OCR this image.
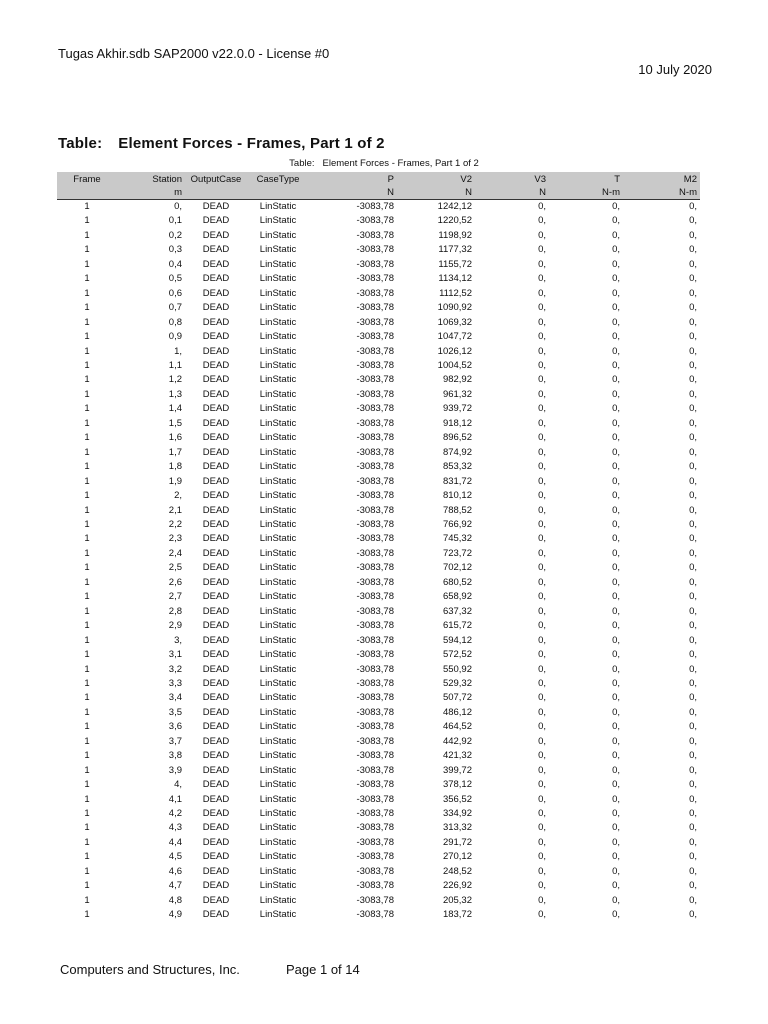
Tugas Akhir.sdb SAP2000 v22.0.0 - License #0
10 July 2020
Table: Element Forces - Frames, Part 1 of 2
Table: Element Forces - Frames, Part 1 of 2
Frame	Station	OutputCase	CaseType	P	V2	V3	T	M2
	m			N	N	N	N-m	N-m
1	0,	DEAD	LinStatic	-3083,78	1242,12	0,	0,	0,
1	0,1	DEAD	LinStatic	-3083,78	1220,52	0,	0,	0,
1	0,2	DEAD	LinStatic	-3083,78	1198,92	0,	0,	0,
1	0,3	DEAD	LinStatic	-3083,78	1177,32	0,	0,	0,
1	0,4	DEAD	LinStatic	-3083,78	1155,72	0,	0,	0,
1	0,5	DEAD	LinStatic	-3083,78	1134,12	0,	0,	0,
1	0,6	DEAD	LinStatic	-3083,78	1112,52	0,	0,	0,
1	0,7	DEAD	LinStatic	-3083,78	1090,92	0,	0,	0,
1	0,8	DEAD	LinStatic	-3083,78	1069,32	0,	0,	0,
1	0,9	DEAD	LinStatic	-3083,78	1047,72	0,	0,	0,
1	1,	DEAD	LinStatic	-3083,78	1026,12	0,	0,	0,
1	1,1	DEAD	LinStatic	-3083,78	1004,52	0,	0,	0,
1	1,2	DEAD	LinStatic	-3083,78	982,92	0,	0,	0,
1	1,3	DEAD	LinStatic	-3083,78	961,32	0,	0,	0,
1	1,4	DEAD	LinStatic	-3083,78	939,72	0,	0,	0,
1	1,5	DEAD	LinStatic	-3083,78	918,12	0,	0,	0,
1	1,6	DEAD	LinStatic	-3083,78	896,52	0,	0,	0,
1	1,7	DEAD	LinStatic	-3083,78	874,92	0,	0,	0,
1	1,8	DEAD	LinStatic	-3083,78	853,32	0,	0,	0,
1	1,9	DEAD	LinStatic	-3083,78	831,72	0,	0,	0,
1	2,	DEAD	LinStatic	-3083,78	810,12	0,	0,	0,
1	2,1	DEAD	LinStatic	-3083,78	788,52	0,	0,	0,
1	2,2	DEAD	LinStatic	-3083,78	766,92	0,	0,	0,
1	2,3	DEAD	LinStatic	-3083,78	745,32	0,	0,	0,
1	2,4	DEAD	LinStatic	-3083,78	723,72	0,	0,	0,
1	2,5	DEAD	LinStatic	-3083,78	702,12	0,	0,	0,
1	2,6	DEAD	LinStatic	-3083,78	680,52	0,	0,	0,
1	2,7	DEAD	LinStatic	-3083,78	658,92	0,	0,	0,
1	2,8	DEAD	LinStatic	-3083,78	637,32	0,	0,	0,
1	2,9	DEAD	LinStatic	-3083,78	615,72	0,	0,	0,
1	3,	DEAD	LinStatic	-3083,78	594,12	0,	0,	0,
1	3,1	DEAD	LinStatic	-3083,78	572,52	0,	0,	0,
1	3,2	DEAD	LinStatic	-3083,78	550,92	0,	0,	0,
1	3,3	DEAD	LinStatic	-3083,78	529,32	0,	0,	0,
1	3,4	DEAD	LinStatic	-3083,78	507,72	0,	0,	0,
1	3,5	DEAD	LinStatic	-3083,78	486,12	0,	0,	0,
1	3,6	DEAD	LinStatic	-3083,78	464,52	0,	0,	0,
1	3,7	DEAD	LinStatic	-3083,78	442,92	0,	0,	0,
1	3,8	DEAD	LinStatic	-3083,78	421,32	0,	0,	0,
1	3,9	DEAD	LinStatic	-3083,78	399,72	0,	0,	0,
1	4,	DEAD	LinStatic	-3083,78	378,12	0,	0,	0,
1	4,1	DEAD	LinStatic	-3083,78	356,52	0,	0,	0,
1	4,2	DEAD	LinStatic	-3083,78	334,92	0,	0,	0,
1	4,3	DEAD	LinStatic	-3083,78	313,32	0,	0,	0,
1	4,4	DEAD	LinStatic	-3083,78	291,72	0,	0,	0,
1	4,5	DEAD	LinStatic	-3083,78	270,12	0,	0,	0,
1	4,6	DEAD	LinStatic	-3083,78	248,52	0,	0,	0,
1	4,7	DEAD	LinStatic	-3083,78	226,92	0,	0,	0,
1	4,8	DEAD	LinStatic	-3083,78	205,32	0,	0,	0,
1	4,9	DEAD	LinStatic	-3083,78	183,72	0,	0,	0,
Computers and Structures, Inc.	Page 1 of 14
